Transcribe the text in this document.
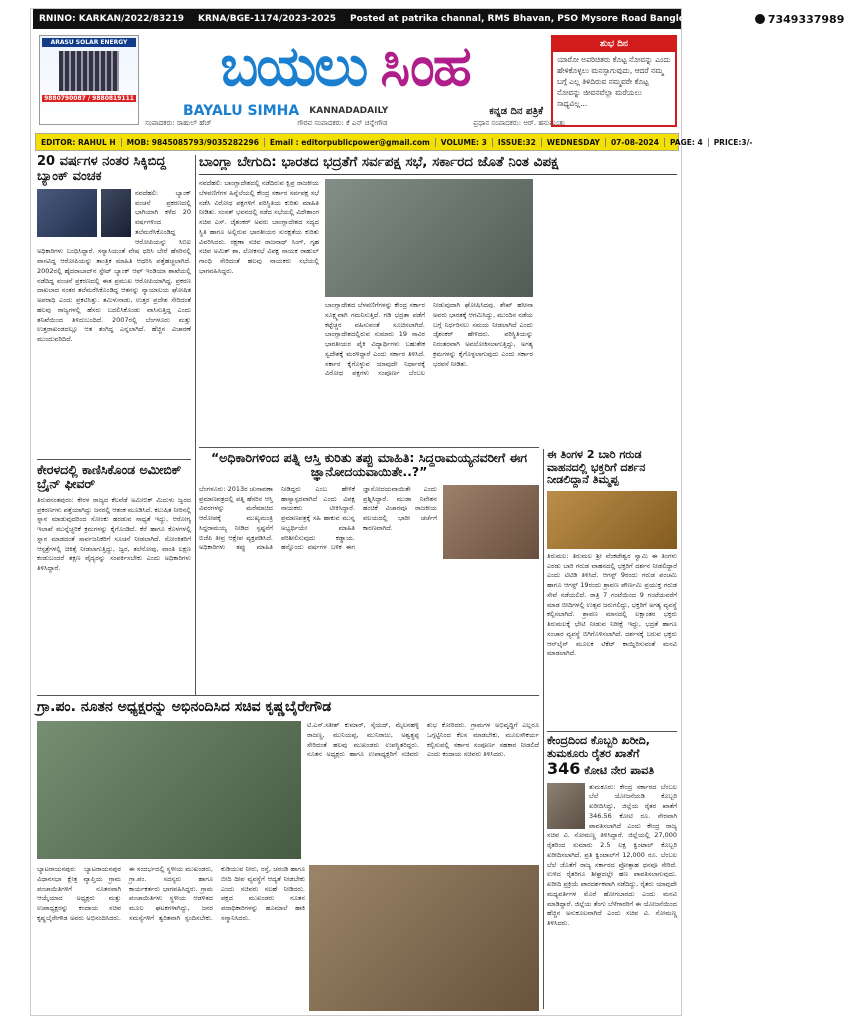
RNINO: KARKAN/2022/83219 KRNA/BGE-1174/2023-2025 Posted at patrika channal, RMS Bhavan, PSO Mysore Road Banglore-560026	7349337989
ARASU SOLAR ENERGY
9880790087 / 9880819111 ಬಯಲು ಸಿಂಹ
BAYALU SIMHA KANNADADAILY	ಕನ್ನಡ ದಿನ ಪತ್ರಿಕೆ
ಸಂಪಾದಕರು: ರಾಹುಲ್ ಹೆಚ್	ಗೌರವ ಸಂಪಾದಕರು: ಕೆ ಎನ್ ಚನ್ನೇಗೌಡ	ಪ್ರಧಾನ ಸಂಪಾದಕರು: ಆರ್. ಹನುಮಂತು
ಶುಭ ದಿನ
ಯಾರೋ ಅಪರಿಚಿತರು ಕೊಟ್ಟ ನೋವನ್ನು ಎಂದು ಹೇಳಿಕೊಳ್ಳಲು ಮನಸ್ಸಾಗುವುದು, ಆದರೆ ನಮ್ಮ ಬಗ್ಗೆ ಎಲ್ಲ ತಿಳಿದಿರುವ ನಮ್ಮವರೇ ಕೊಟ್ಟ ನೋವನ್ನು ಜೀವನವೆಲ್ಲಾ ಮರೆಯಲು ಸಾಧ್ಯವಿಲ್ಲ...
EDITOR: RAHUL H	MOB: 9845085793/9035282296	Email : editorpublicpower@gmail.com	VOLUME: 3	ISSUE:32	WEDNESDAY	07-08-2024	PAGE: 4	PRICE:3/-
20 ವರ್ಷಗಳ ನಂತರ ಸಿಕ್ಕಿಬಿದ್ದ ಬ್ಯಾಂಕ್ ವಂಚಕ
ನವದೆಹಲಿ: ಬ್ಯಾಂಕ್ ವಂಚನೆ ಪ್ರಕರಣದಲ್ಲಿ ಭಾಗಿಯಾಗಿ ಕಳೆದ 20 ವರ್ಷಗಳಿಂದ ತಲೆಮರೆಸಿಕೊಂಡಿದ್ದ ಆರೋಪಿಯನ್ನು ಸಿಬಿಐ ಅಧಿಕಾರಿಗಳು ಬಂಧಿಸಿದ್ದಾರೆ. ಸನ್ಯಾಸಿಯಂತೆ ವೇಷ ಧರಿಸಿ ಬೇರೆ ಹೆಸರಿನಲ್ಲಿ ವಾಸವಿದ್ದ ಆರೋಪಿಯನ್ನು ತಾಂತ್ರಿಕ ಮಾಹಿತಿ ಆಧರಿಸಿ ಪತ್ತೆಹಚ್ಚಲಾಗಿದೆ. 2002ರಲ್ಲಿ ಹೈದರಾಬಾದ್‌ನ ಸ್ಟೇಟ್ ಬ್ಯಾಂಕ್ ಆಫ್ ಇಂಡಿಯಾ ಶಾಖೆಯಲ್ಲಿ ನಡೆದಿದ್ದ ವಂಚನೆ ಪ್ರಕರಣದಲ್ಲಿ ಈತ ಪ್ರಮುಖ ಆರೋಪಿಯಾಗಿದ್ದ. ಪ್ರಕರಣ ದಾಖಲಾದ ನಂತರ ತಲೆಮರೆಸಿಕೊಂಡಿದ್ದ ಆತನನ್ನು ನ್ಯಾಯಾಲಯ ಘೋಷಿತ ಅಪರಾಧಿ ಎಂದು ಪ್ರಕಟಿಸಿತ್ತು. ತಮಿಳುನಾಡು, ಉತ್ತರ ಪ್ರದೇಶ ಸೇರಿದಂತೆ ಹಲವು ರಾಜ್ಯಗಳಲ್ಲಿ ಹೆಸರು ಬದಲಿಸಿಕೊಂಡು ವಾಸಿಸುತ್ತಿದ್ದ ಎಂದು ತನಿಖೆಯಿಂದ ತಿಳಿದುಬಂದಿದೆ. 2007ರಲ್ಲಿ ಬೆಂಗಳೂರು ಮತ್ತು ಉತ್ತರಾಖಂಡದಲ್ಲೂ ಆತ ತಂಗಿದ್ದ ಎನ್ನಲಾಗಿದೆ. ಹೆಚ್ಚಿನ ವಿಚಾರಣೆ ಮುಂದುವರಿದಿದೆ.
ಕೇರಳದಲ್ಲಿ ಕಾಣಿಸಿಕೊಂಡ ಅಮೀಬಿಕ್ ಬ್ರೈನ್ ಫೀವರ್
ತಿರುವನಂತಪುರಂ: ಕೇರಳ ರಾಜ್ಯದ ಕೆಲವೆಡೆ ಅಮೀಬಿಕ್ ಮಿದುಳು ಜ್ವರದ ಪ್ರಕರಣಗಳು ಪತ್ತೆಯಾಗಿದ್ದು ಜನರಲ್ಲಿ ಆತಂಕ ಮೂಡಿಸಿದೆ. ಕಲುಷಿತ ನೀರಿನಲ್ಲಿ ಸ್ನಾನ ಮಾಡುವುದರಿಂದ ಸೋಂಕು ಹರಡುವ ಸಾಧ್ಯತೆ ಇದ್ದು, ಆರೋಗ್ಯ ಇಲಾಖೆ ಮುನ್ನೆಚ್ಚರಿಕೆ ಕ್ರಮಗಳನ್ನು ಕೈಗೊಂಡಿದೆ. ಕೆರೆ ಹಾಗೂ ಕೊಳಗಳಲ್ಲಿ ಸ್ನಾನ ಮಾಡದಂತೆ ಸಾರ್ವಜನಿಕರಿಗೆ ಸೂಚನೆ ನೀಡಲಾಗಿದೆ. ಸೋಂಕಿತರಿಗೆ ಆಸ್ಪತ್ರೆಗಳಲ್ಲಿ ಚಿಕಿತ್ಸೆ ನೀಡಲಾಗುತ್ತಿದ್ದು, ಜ್ವರ, ತಲೆನೋವು, ವಾಂತಿ ಲಕ್ಷಣ ಕಂಡುಬಂದರೆ ತಕ್ಷಣ ವೈದ್ಯರನ್ನು ಸಂಪರ್ಕಿಸಬೇಕು ಎಂದು ಅಧಿಕಾರಿಗಳು ತಿಳಿಸಿದ್ದಾರೆ.
ಬಾಂಗ್ಲಾ ಬೇಗುದಿ: ಭಾರತದ ಭದ್ರತೆಗೆ ಸರ್ವಪಕ್ಷ ಸಭೆ, ಸರ್ಕಾರದ ಜೊತೆ ನಿಂತ ವಿಪಕ್ಷ
ನವದೆಹಲಿ: ಬಾಂಗ್ಲಾದೇಶದಲ್ಲಿ ನಡೆದಿರುವ ಕ್ಷಿಪ್ರ ರಾಜಕೀಯ ಬೆಳವಣಿಗೆಗಳ ಹಿನ್ನೆಲೆಯಲ್ಲಿ ಕೇಂದ್ರ ಸರ್ಕಾರ ಸರ್ವಪಕ್ಷ ಸಭೆ ನಡೆಸಿ ವಿರೋಧ ಪಕ್ಷಗಳಿಗೆ ಪರಿಸ್ಥಿತಿಯ ಕುರಿತು ಮಾಹಿತಿ ನೀಡಿತು. ಸಂಸತ್ ಭವನದಲ್ಲಿ ನಡೆದ ಸಭೆಯಲ್ಲಿ ವಿದೇಶಾಂಗ ಸಚಿವ ಎಸ್. ಜೈಶಂಕರ್ ಅವರು ಬಾಂಗ್ಲಾದೇಶದ ಸದ್ಯದ ಸ್ಥಿತಿ ಹಾಗೂ ಅಲ್ಲಿರುವ ಭಾರತೀಯರ ಸುರಕ್ಷತೆಯ ಕುರಿತು ವಿವರಿಸಿದರು. ರಕ್ಷಣಾ ಸಚಿವ ರಾಜನಾಥ್ ಸಿಂಗ್, ಗೃಹ ಸಚಿವ ಅಮಿತ್ ಶಾ, ಲೋಕಸಭೆ ವಿಪಕ್ಷ ನಾಯಕ ರಾಹುಲ್ ಗಾಂಧಿ ಸೇರಿದಂತೆ ಹಲವು ನಾಯಕರು ಸಭೆಯಲ್ಲಿ ಭಾಗವಹಿಸಿದ್ದರು.
ಬಾಂಗ್ಲಾದೇಶದ ಬೆಳವಣಿಗೆಗಳನ್ನು ಕೇಂದ್ರ ಸರ್ಕಾರ ಸೂಕ್ಷ್ಮವಾಗಿ ಗಮನಿಸುತ್ತಿದೆ. ಗಡಿ ಭದ್ರತಾ ಪಡೆಗೆ ಕಟ್ಟೆಚ್ಚರ ವಹಿಸುವಂತೆ ಸೂಚಿಸಲಾಗಿದೆ. ಬಾಂಗ್ಲಾದೇಶದಲ್ಲಿರುವ ಸುಮಾರು 19 ಸಾವಿರ ಭಾರತೀಯರ ಪೈಕಿ ವಿದ್ಯಾರ್ಥಿಗಳು ಬಹುತೇಕ ಸ್ವದೇಶಕ್ಕೆ ಮರಳಿದ್ದಾರೆ ಎಂದು ಸರ್ಕಾರ ತಿಳಿಸಿದೆ. ಸರ್ಕಾರ ಕೈಗೊಳ್ಳುವ ಯಾವುದೇ ನಿರ್ಧಾರಕ್ಕೆ ವಿರೋಧ ಪಕ್ಷಗಳು ಸಂಪೂರ್ಣ ಬೆಂಬಲ ನೀಡುವುದಾಗಿ ಘೋಷಿಸಿದವು. ಶೇಖ್ ಹಸೀನಾ ಅವರು ಭಾರತಕ್ಕೆ ಆಗಮಿಸಿದ್ದು, ಮುಂದಿನ ನಡೆಯ ಬಗ್ಗೆ ನಿರ್ಧರಿಸಲು ಸಮಯ ನೀಡಲಾಗಿದೆ ಎಂದು ಜೈಶಂಕರ್ ಹೇಳಿದರು. ಪರಿಸ್ಥಿತಿಯನ್ನು ನಿರಂತರವಾಗಿ ಅವಲೋಕಿಸಲಾಗುತ್ತಿದ್ದು, ಅಗತ್ಯ ಕ್ರಮಗಳನ್ನು ಕೈಗೊಳ್ಳಲಾಗುವುದು ಎಂದು ಸರ್ಕಾರ ಭರವಸೆ ನೀಡಿತು.
“ಅಧಿಕಾರಿಗಳಿಂದ ಪತ್ನಿ ಆಸ್ತಿ ಕುರಿತು ತಪ್ಪು ಮಾಹಿತಿ: ಸಿದ್ದರಾಮಯ್ಯನವರೀಗೆ ಈಗ ಜ್ಞಾನೋದಯವಾಯಿತೇ..?”
ಬೆಂಗಳೂರು: 2013ರ ಚುನಾವಣಾ ಪ್ರಮಾಣಪತ್ರದಲ್ಲಿ ಪತ್ನಿ ಹೆಸರಿನ ಆಸ್ತಿ ವಿವರಗಳನ್ನು ಮರೆಮಾಚಿದ ಆರೋಪಕ್ಕೆ ಮುಖ್ಯಮಂತ್ರಿ ಸಿದ್ದರಾಮಯ್ಯ ನೀಡಿದ ಸ್ಪಷ್ಟನೆಗೆ ಬಿಜೆಪಿ ತೀವ್ರ ಆಕ್ಷೇಪ ವ್ಯಕ್ತಪಡಿಸಿದೆ. ಅಧಿಕಾರಿಗಳು ತಪ್ಪು ಮಾಹಿತಿ ನೀಡಿದ್ದರು ಎಂಬ ಹೇಳಿಕೆ ಹಾಸ್ಯಾಸ್ಪದವಾಗಿದೆ ಎಂದು ವಿಪಕ್ಷ ನಾಯಕರು ಟೀಕಿಸಿದ್ದಾರೆ. ಪ್ರಮಾಣಪತ್ರಕ್ಕೆ ಸಹಿ ಹಾಕುವ ಮುನ್ನ ಅಭ್ಯರ್ಥಿಯೇ ಮಾಹಿತಿ ಪರಿಶೀಲಿಸುವುದು ಕಡ್ಡಾಯ. ಹನ್ನೊಂದು ವರ್ಷಗಳ ಬಳಿಕ ಈಗ ಜ್ಞಾನೋದಯವಾಯಿತೇ ಎಂದು ಪ್ರಶ್ನಿಸಿದ್ದಾರೆ. ಮುಡಾ ನಿವೇಶನ ಹಂಚಿಕೆ ವಿಚಾರವೂ ರಾಜಕೀಯ ವಲಯದಲ್ಲಿ ಭಾರೀ ಚರ್ಚೆಗೆ ಕಾರಣವಾಗಿದೆ.
ಈ ತಿಂಗಳ 2 ಬಾರಿ ಗರುಡ ವಾಹನದಲ್ಲಿ ಭಕ್ತರಿಗೆ ದರ್ಶನ ನೀಡಲಿದ್ದಾನೆ ತಿಮ್ಮಪ್ಪ
ತಿರುಮಲ: ತಿರುಮಲ ಶ್ರೀ ವೆಂಕಟೇಶ್ವರ ಸ್ವಾಮಿ ಈ ತಿಂಗಳು ಎರಡು ಬಾರಿ ಗರುಡ ವಾಹನದಲ್ಲಿ ಭಕ್ತರಿಗೆ ದರ್ಶನ ನೀಡಲಿದ್ದಾರೆ ಎಂದು ಟಿಟಿಡಿ ತಿಳಿಸಿದೆ. ಆಗಸ್ಟ್ 9ರಂದು ಗರುಡ ಪಂಚಮಿ ಹಾಗೂ ಆಗಸ್ಟ್ 19ರಂದು ಶ್ರಾವಣ ಪೌರ್ಣಮಿ ಪ್ರಯುಕ್ತ ಗರುಡ ಸೇವೆ ನಡೆಯಲಿದೆ. ರಾತ್ರಿ 7 ಗಂಟೆಯಿಂದ 9 ಗಂಟೆಯವರೆಗೆ ಮಾಡ ಬೀದಿಗಳಲ್ಲಿ ಉತ್ಸವ ಜರುಗಲಿದ್ದು, ಭಕ್ತರಿಗೆ ಅಗತ್ಯ ವ್ಯವಸ್ಥೆ ಕಲ್ಪಿಸಲಾಗಿದೆ. ಶ್ರಾವಣ ಮಾಸದಲ್ಲಿ ಲಕ್ಷಾಂತರ ಭಕ್ತರು ತಿರುಮಲಕ್ಕೆ ಭೇಟಿ ನೀಡುವ ನಿರೀಕ್ಷೆ ಇದ್ದು, ಭದ್ರತೆ ಹಾಗೂ ಸಂಚಾರ ವ್ಯವಸ್ಥೆ ಬಿಗಿಗೊಳಿಸಲಾಗಿದೆ. ದರ್ಶನಕ್ಕೆ ಬರುವ ಭಕ್ತರು ಆನ್‌ಲೈನ್ ಮೂಲಕ ಟಿಕೆಟ್ ಕಾಯ್ದಿರಿಸುವಂತೆ ಮನವಿ ಮಾಡಲಾಗಿದೆ.
ಕೇಂದ್ರದಿಂದ ಕೊಬ್ಬರಿ ಖರೀದಿ,
ತುಮಕೂರು ರೈತರ ಖಾತೆಗೆ
346 ಕೋಟಿ ನೇರ ಪಾವತಿ
ತುಮಕೂರು: ಕೇಂದ್ರ ಸರ್ಕಾರದ ಬೆಂಬಲ ಬೆಲೆ ಯೋಜನೆಯಡಿ ಕೊಬ್ಬರಿ ಖರೀದಿಸಿದ್ದು, ಜಿಲ್ಲೆಯ ರೈತರ ಖಾತೆಗೆ 346.56 ಕೋಟಿ ರೂ. ನೇರವಾಗಿ ಪಾವತಿಸಲಾಗಿದೆ ಎಂದು ಕೇಂದ್ರ ರಾಜ್ಯ ಸಚಿವ ವಿ. ಸೋಮಣ್ಣ ತಿಳಿಸಿದ್ದಾರೆ. ಜಿಲ್ಲೆಯಲ್ಲಿ 27,000 ರೈತರಿಂದ ಸುಮಾರು 2.5 ಲಕ್ಷ ಕ್ವಿಂಟಾಲ್ ಕೊಬ್ಬರಿ ಖರೀದಿಸಲಾಗಿದೆ. ಪ್ರತಿ ಕ್ವಿಂಟಾಲ್‌ಗೆ 12,000 ರೂ. ಬೆಂಬಲ ಬೆಲೆ ಜೊತೆಗೆ ರಾಜ್ಯ ಸರ್ಕಾರದ ಪ್ರೋತ್ಸಾಹ ಧನವೂ ಸೇರಿದೆ. ಉಳಿದ ರೈತರಿಗೂ ಶೀಘ್ರದಲ್ಲೇ ಹಣ ಪಾವತಿಸಲಾಗುವುದು. ಖರೀದಿ ಪ್ರಕ್ರಿಯೆ ಪಾರದರ್ಶಕವಾಗಿ ನಡೆದಿದ್ದು, ರೈತರು ಯಾವುದೇ ಮಧ್ಯವರ್ತಿಗಳ ಮೊರೆ ಹೋಗಬಾರದು ಎಂದು ಮನವಿ ಮಾಡಿದ್ದಾರೆ. ಜಿಲ್ಲೆಯ ತೆಂಗು ಬೆಳೆಗಾರರಿಗೆ ಈ ಯೋಜನೆಯಿಂದ ಹೆಚ್ಚಿನ ಅನುಕೂಲವಾಗಿದೆ ಎಂದು ಸಚಿವ ವಿ. ಸೋಮಣ್ಣ ತಿಳಿಸಿದರು.
ಗ್ರಾ.ಪಂ. ನೂತನ ಅಧ್ಯಕ್ಷರನ್ನು ಅಭಿನಂದಿಸಿದ ಸಚಿವ ಕೃಷ್ಣಬೈರೇಗೌಡ
ಟಿ.ಎಸ್.ಸತೀಶ್ ಕುಮಾರ್, ಸೈಯದ್, ಮೈಲನಹಳ್ಳಿ ರಾಜಣ್ಣ, ಮುನಿಯಪ್ಪ, ಮುನಿರಾಜು, ಅಶ್ವತ್ಥಪ್ಪ ಸೇರಿದಂತೆ ಹಲವು ಮುಖಂಡರು ಉಪಸ್ಥಿತರಿದ್ದರು. ನೂತನ ಅಧ್ಯಕ್ಷರು ಹಾಗೂ ಉಪಾಧ್ಯಕ್ಷರಿಗೆ ಸಚಿವರು ಶುಭ ಕೋರಿದರು. ಗ್ರಾಮಗಳ ಅಭಿವೃದ್ಧಿಗೆ ಎಲ್ಲರೂ ಒಗ್ಗಟ್ಟಿನಿಂದ ಕೆಲಸ ಮಾಡಬೇಕು, ಮೂಲಸೌಕರ್ಯ ಕಲ್ಪಿಸುವಲ್ಲಿ ಸರ್ಕಾರ ಸಂಪೂರ್ಣ ಸಹಕಾರ ನೀಡಲಿದೆ ಎಂದು ಕಂದಾಯ ಸಚಿವರು ತಿಳಿಸಿದರು.
ಬ್ಯಾಟರಾಯನಪುರ: ಬ್ಯಾಟರಾಯನಪುರ ವಿಧಾನಸಭಾ ಕ್ಷೇತ್ರ ವ್ಯಾಪ್ತಿಯ ಗ್ರಾಮ ಪಂಚಾಯಿತಿಗಳಿಗೆ ನೂತನವಾಗಿ ಆಯ್ಕೆಯಾದ ಅಧ್ಯಕ್ಷರು ಮತ್ತು ಉಪಾಧ್ಯಕ್ಷರನ್ನು ಕಂದಾಯ ಸಚಿವ ಕೃಷ್ಣಬೈರೇಗೌಡ ಅವರು ಅಭಿನಂದಿಸಿದರು. ಈ ಸಂದರ್ಭದಲ್ಲಿ ಸ್ಥಳೀಯ ಮುಖಂಡರು, ಗ್ರಾ.ಪಂ. ಸದಸ್ಯರು ಹಾಗೂ ಕಾರ್ಯಕರ್ತರು ಭಾಗವಹಿಸಿದ್ದರು. ಗ್ರಾಮ ಪಂಚಾಯಿತಿಗಳು ಸ್ಥಳೀಯ ಆಡಳಿತದ ಮೂಲ ಘಟಕಗಳಾಗಿದ್ದು, ಜನರ ಸಮಸ್ಯೆಗಳಿಗೆ ತ್ವರಿತವಾಗಿ ಸ್ಪಂದಿಸಬೇಕು. ಕುಡಿಯುವ ನೀರು, ರಸ್ತೆ, ಚರಂಡಿ ಹಾಗೂ ಬೀದಿ ದೀಪ ವ್ಯವಸ್ಥೆಗೆ ಆದ್ಯತೆ ನೀಡಬೇಕು ಎಂದು ಸಚಿವರು ಸಲಹೆ ನೀಡಿದರು. ಪಕ್ಷದ ಮುಖಂಡರು ನೂತನ ಪದಾಧಿಕಾರಿಗಳನ್ನು ಹೂಮಾಲೆ ಹಾಕಿ ಸನ್ಮಾನಿಸಿದರು.
